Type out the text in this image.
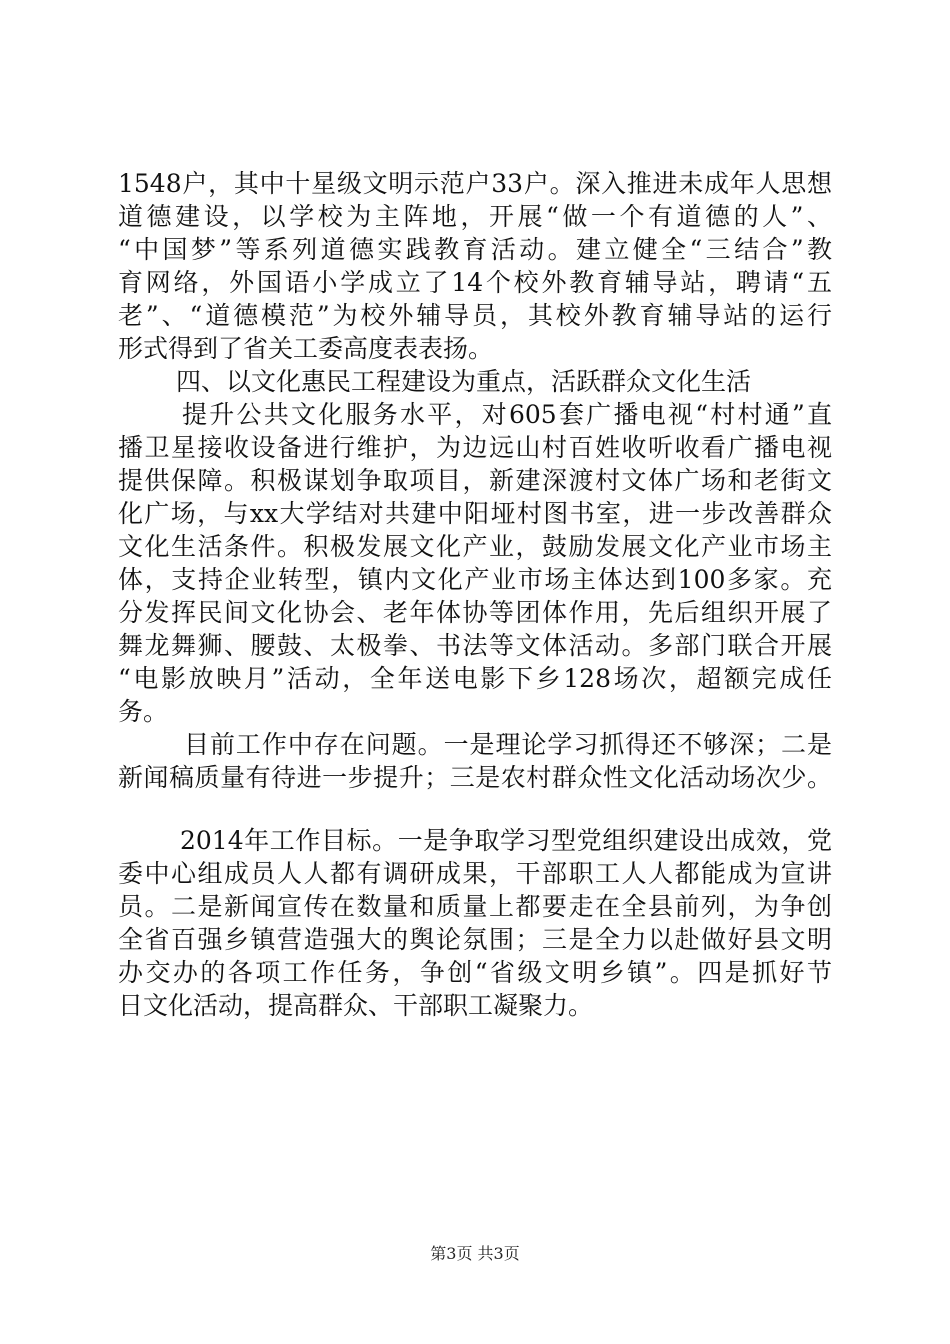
1548户，其中十星级文明示范户33户。深入推进未成年人思想
道德建设，以学校为主阵地，开展“做一个有道德的人”、
“中国梦”等系列道德实践教育活动。建立健全“三结合”教
育网络，外国语小学成立了14个校外教育辅导站，聘请“五
老”、“道德模范”为校外辅导员，其校外教育辅导站的运行
形式得到了省关工委高度表表扬。
四、以文化惠民工程建设为重点，活跃群众文化生活
提升公共文化服务水平，对605套广播电视“村村通”直
播卫星接收设备进行维护，为边远山村百姓收听收看广播电视
提供保障。积极谋划争取项目，新建深渡村文体广场和老街文
化广场，与xx大学结对共建中阳垭村图书室，进一步改善群众
文化生活条件。积极发展文化产业，鼓励发展文化产业市场主
体，支持企业转型，镇内文化产业市场主体达到100多家。充
分发挥民间文化协会、老年体协等团体作用，先后组织开展了
舞龙舞狮、腰鼓、太极拳、书法等文体活动。多部门联合开展
“电影放映月”活动，全年送电影下乡128场次，超额完成任
务。
目前工作中存在问题。一是理论学习抓得还不够深；二是
新闻稿质量有待进一步提升；三是农村群众性文化活动场次少。
2014年工作目标。一是争取学习型党组织建设出成效，党
委中心组成员人人都有调研成果，干部职工人人都能成为宣讲
员。二是新闻宣传在数量和质量上都要走在全县前列，为争创
全省百强乡镇营造强大的舆论氛围；三是全力以赴做好县文明
办交办的各项工作任务，争创“省级文明乡镇”。四是抓好节
日文化活动，提高群众、干部职工凝聚力。
第3页 共3页
